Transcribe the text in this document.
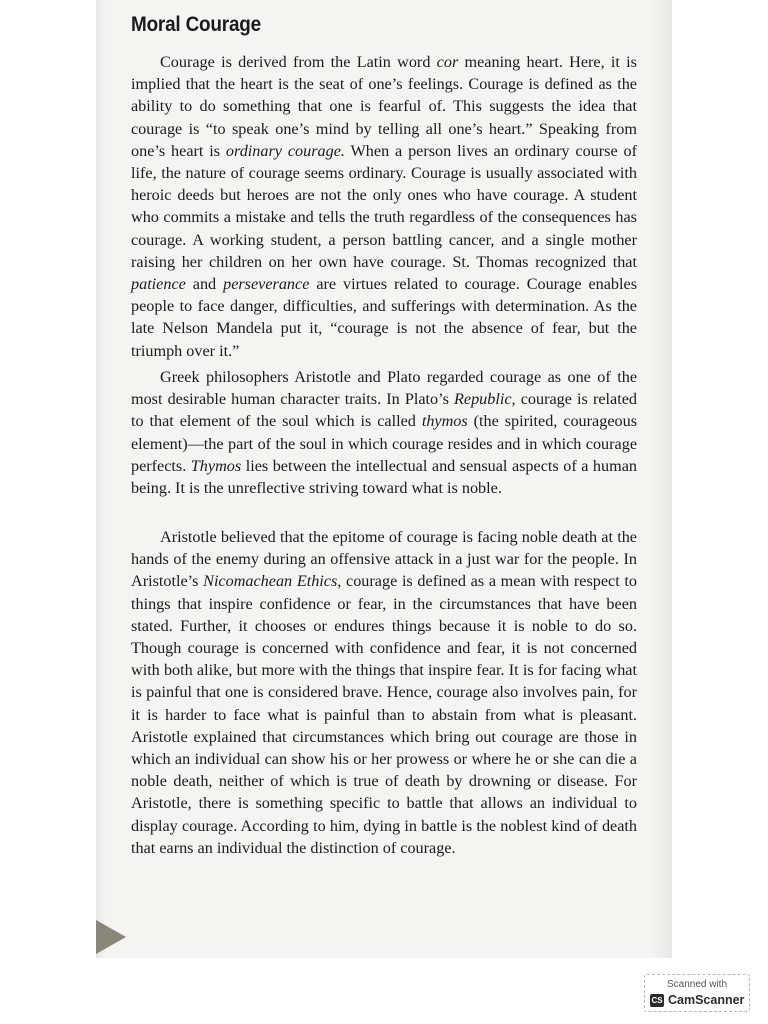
Moral Courage

Courage is derived from the Latin word cor meaning heart. Here, it is implied that the heart is the seat of one’s feelings. Courage is defined as the ability to do something that one is fearful of. This suggests the idea that courage is “to speak one’s mind by telling all one’s heart.” Speaking from one’s heart is ordinary courage. When a person lives an ordinary course of life, the nature of courage seems ordinary. Courage is usually associated with heroic deeds but heroes are not the only ones who have courage. A student who commits a mistake and tells the truth regardless of the consequences has courage. A working student, a person battling cancer, and a single mother raising her children on her own have courage. St. Thomas recognized that patience and perseverance are virtues related to courage. Courage enables people to face danger, difficulties, and sufferings with determination. As the late Nelson Mandela put it, “courage is not the absence of fear, but the triumph over it.”

Greek philosophers Aristotle and Plato regarded courage as one of the most desirable human character traits. In Plato’s Republic, courage is related to that element of the soul which is called thymos (the spirited, courageous element)—the part of the soul in which courage resides and in which courage perfects. Thymos lies between the intellectual and sensual aspects of a human being. It is the unreflective striving toward what is noble.

Aristotle believed that the epitome of courage is facing noble death at the hands of the enemy during an offensive attack in a just war for the people. In Aristotle’s Nicomachean Ethics, courage is defined as a mean with respect to things that inspire confidence or fear, in the circumstances that have been stated. Further, it chooses or endures things because it is noble to do so. Though courage is concerned with confidence and fear, it is not concerned with both alike, but more with the things that inspire fear. It is for facing what is painful that one is considered brave. Hence, courage also involves pain, for it is harder to face what is painful than to abstain from what is pleasant. Aristotle explained that circumstances which bring out courage are those in which an individual can show his or her prowess or where he or she can die a noble death, neither of which is true of death by drowning or disease. For Aristotle, there is something specific to battle that allows an individual to display courage. According to him, dying in battle is the noblest kind of death that earns an individual the distinction of courage.

Scanned with
CS CamScanner
